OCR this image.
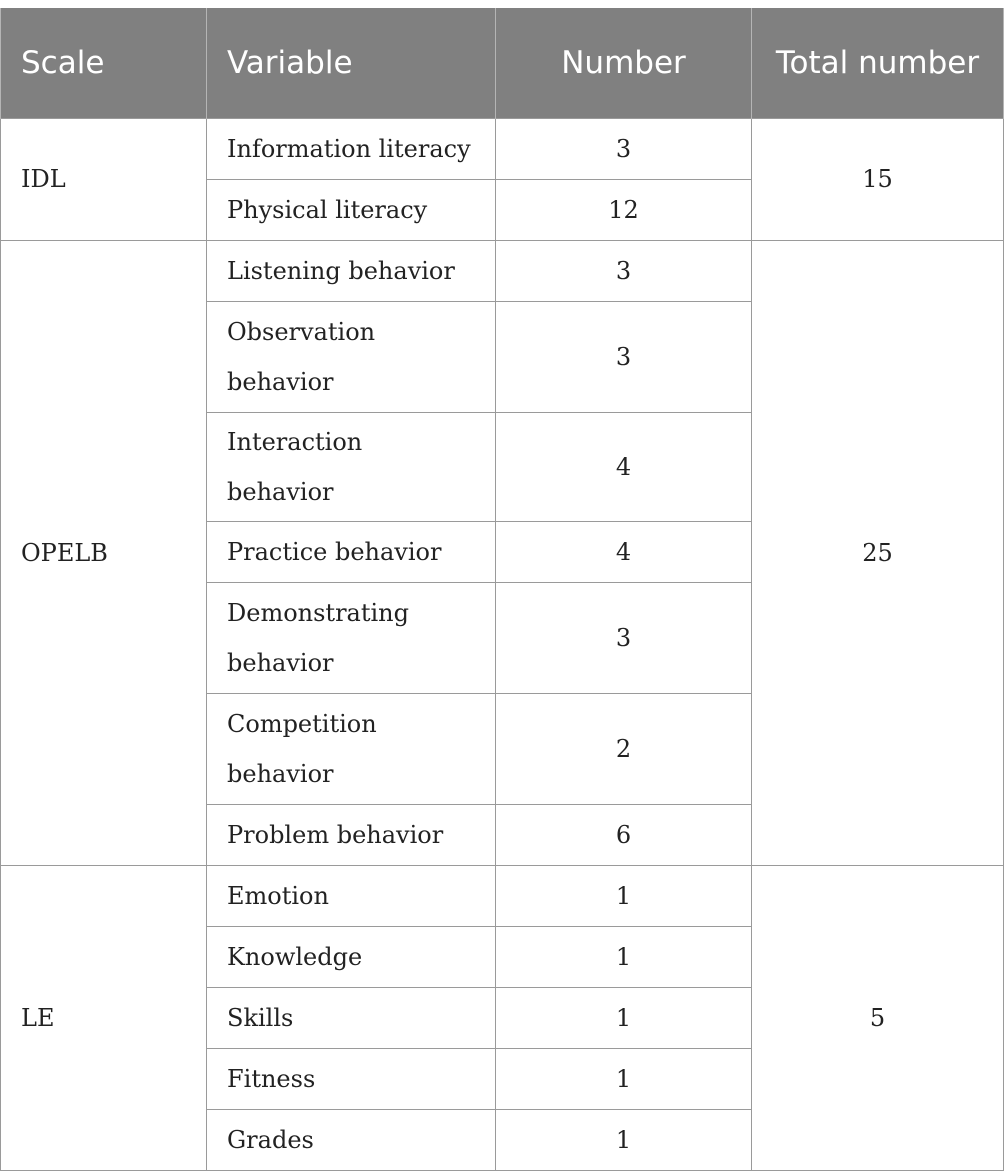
Scale	Variable	Number	Total number
IDL	Information literacy	3	15
	Physical literacy	12	
OPELB	Listening behavior	3	25
	Observation behavior	3	
	Interaction behavior	4	
	Practice behavior	4	
	Demonstrating behavior	3	
	Competition behavior	2	
	Problem behavior	6	
LE	Emotion	1	5
	Knowledge	1	
	Skills	1	
	Fitness	1	
	Grades	1	
